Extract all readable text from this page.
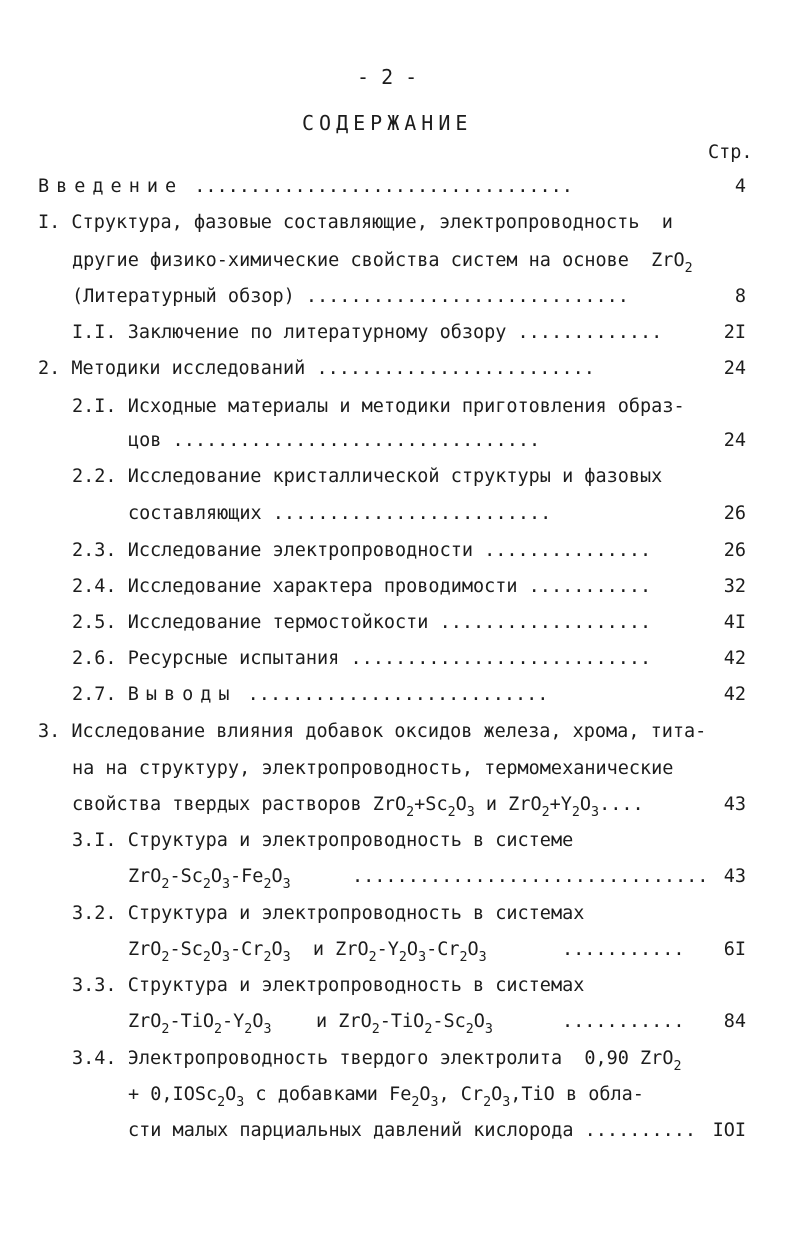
- 2 -
СОДЕРЖАНИЕ
Стр.
Введение ..................................	4
I. Структура, фазовые составляющие, электропроводность  и
другие физико-химические свойства систем на основе  ZrO$_2$
(Литературный обзор) .............................	8
I.I. Заключение по литературному обзору .............	2I
2. Методики исследований .........................	24
2.I. Исходные материалы и методики приготовления образ-
цов .................................	24
2.2. Исследование кристаллической структуры и фазовых
составляющих .........................	26
2.3. Исследование электропроводности ...............	26
2.4. Исследование характера проводимости ...........	32
2.5. Исследование термостойкости ...................	4I
2.6. Ресурсные испытания ...........................	42
2.7. Выводы ...........................	42
3. Исследование влияния добавок оксидов железа, хрома, тита-
на на структуру, электропроводность, термомеханические
свойства твердых растворов $ZrO_2+Sc_2O_3$ и $ZrO_2+Y_2O_3$....	43
3.I. Структура и электропроводность в системе
$ZrO_2-Sc_2O_3-Fe_2O_3$	................................ 43
3.2. Структура и электропроводность в системах
$ZrO_2-Sc_2O_3-Cr_2O_3$ и $ZrO_2-Y_2O_3-Cr_2O_3$	...........	6I
3.3. Структура и электропроводность в системах
$ZrO_2-TiO_2-Y_2O_3$ и $ZrO_2-TiO_2-Sc_2O_3$	...........	84
3.4. Электропроводность твердого электролита  0,90 ZrO$_2$
+ $0,IOSc_2O_3$ с добавками $Fe_2O_3$, $Cr_2O_3,TiO$ в обла-
сти малых парциальных давлений кислорода .......... IOI
